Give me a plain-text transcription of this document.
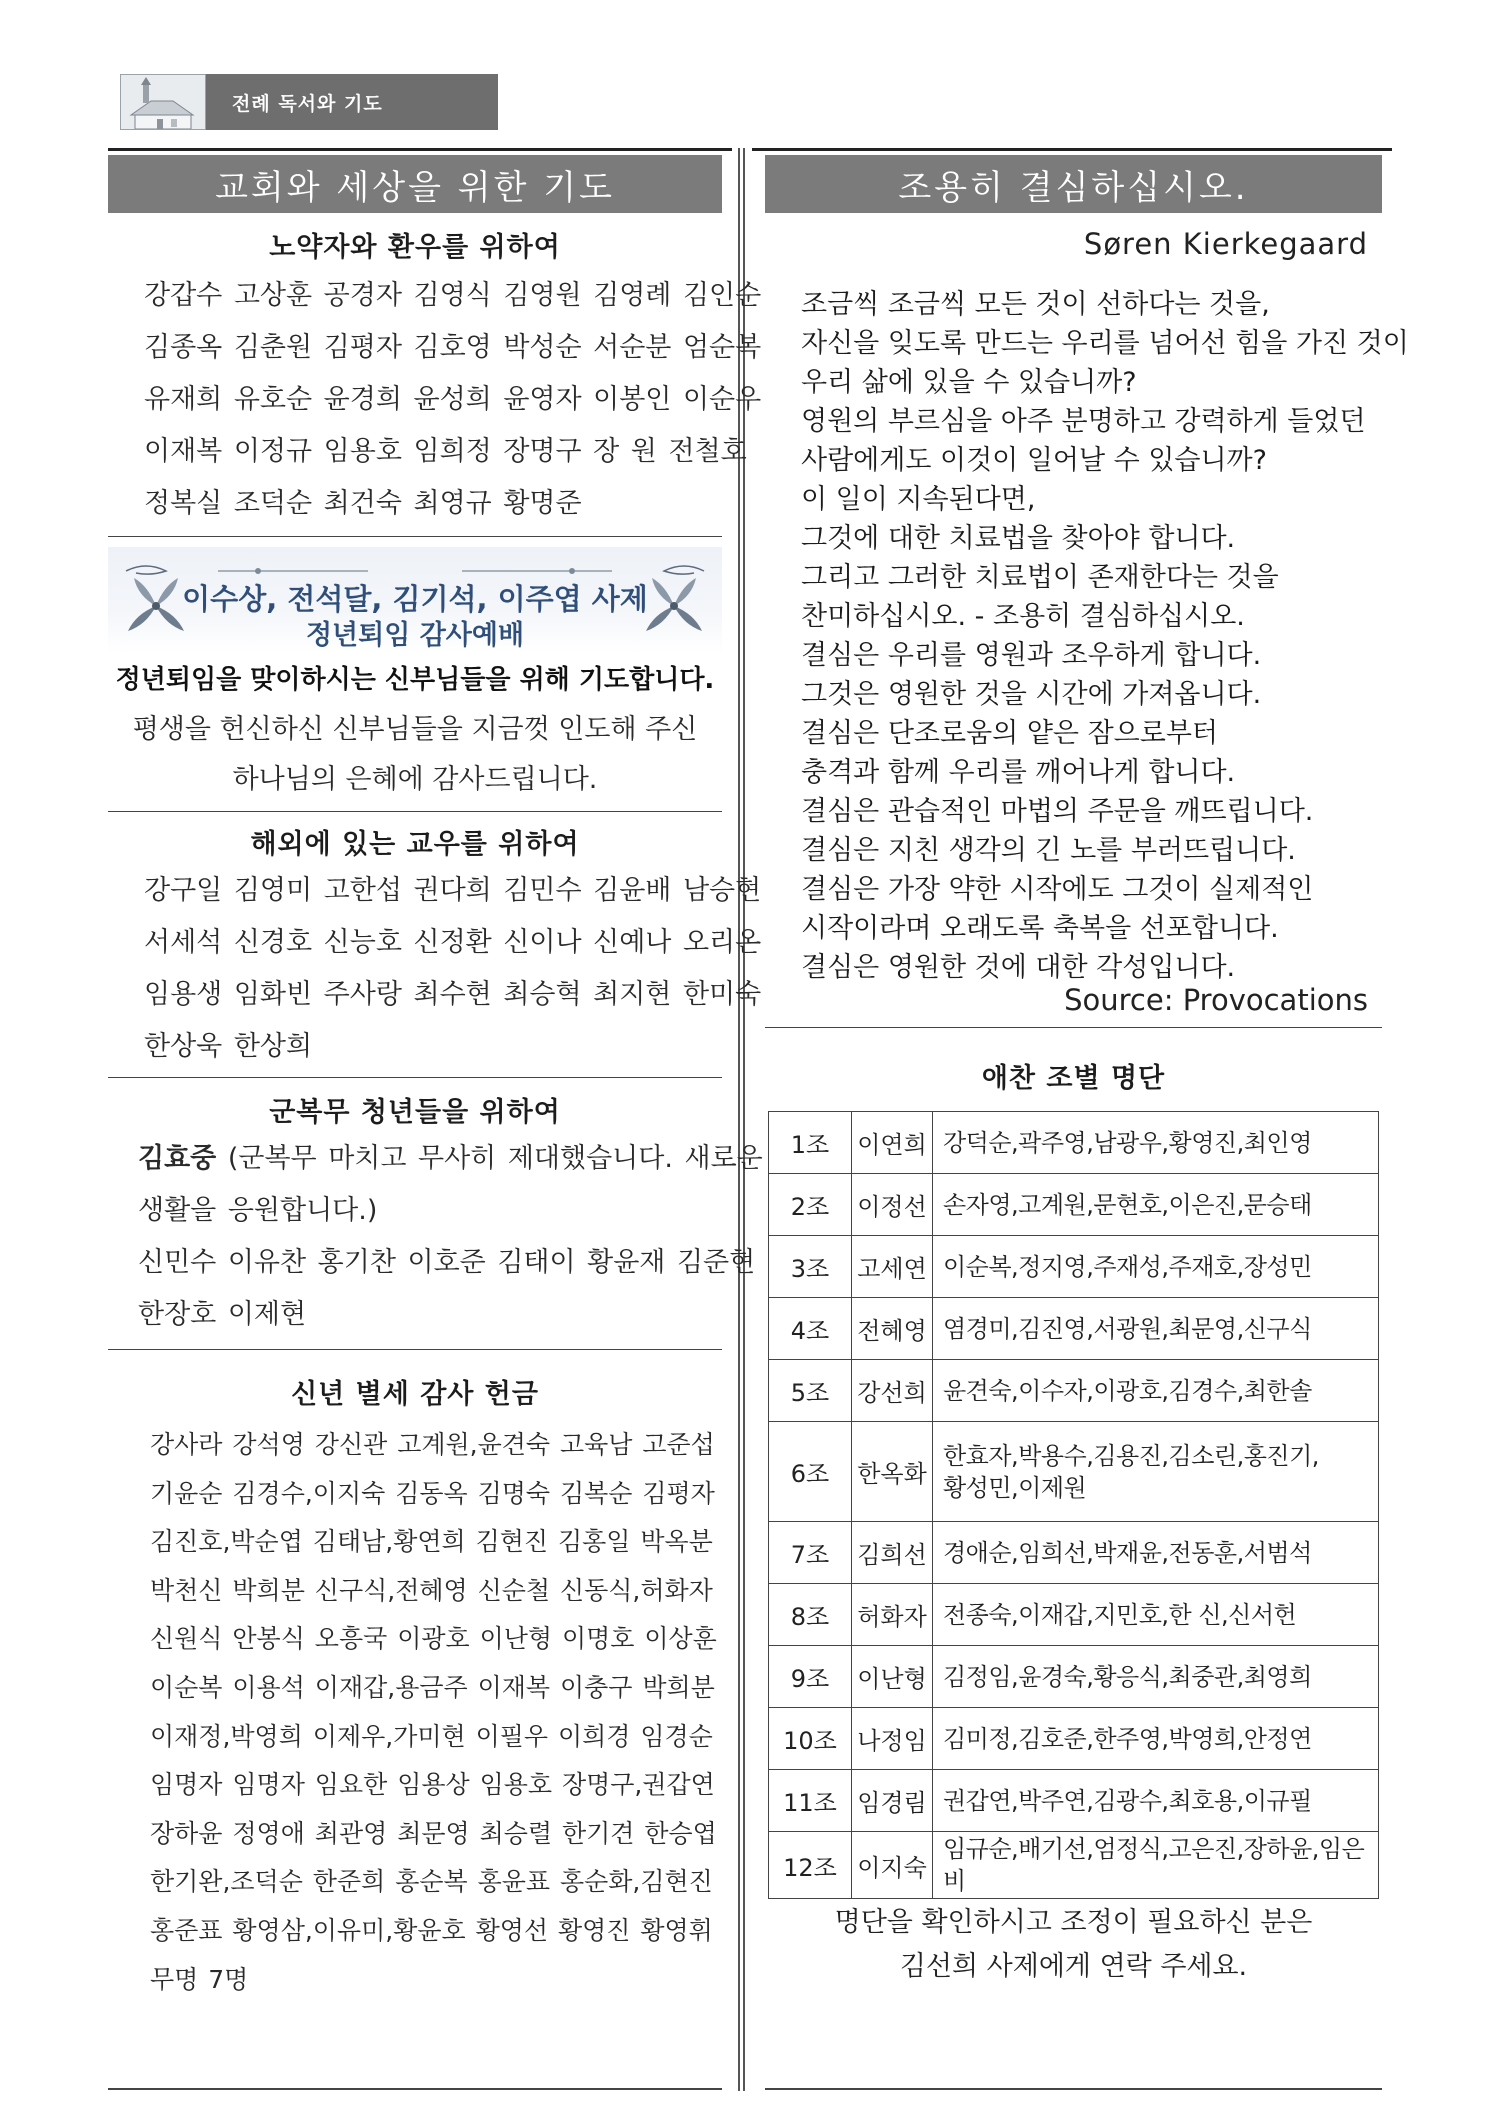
전례 독서와 기도
교회와 세상을 위한 기도
노약자와 환우를 위하여
강갑수 고상훈 공경자 김영식 김영원 김영례 김인순
김종옥 김춘원 김평자 김호영 박성순 서순분 엄순복
유재희 유호순 윤경희 윤성희 윤영자 이봉인 이순우
이재복 이정규 임용호 임희정 장명구 장 원 전철호
정복실 조덕순 최건숙 최영규 황명준
이수상, 전석달, 김기석, 이주엽 사제
정년퇴임 감사예배
정년퇴임을 맞이하시는 신부님들을 위해 기도합니다.
평생을 헌신하신 신부님들을 지금껏 인도해 주신
하나님의 은혜에 감사드립니다.
해외에 있는 교우를 위하여
강구일 김영미 고한섭 권다희 김민수 김윤배 남승현
서세석 신경호 신능호 신정환 신이나 신예나 오리온
임용생 임화빈 주사랑 최수현 최승혁 최지현 한미숙
한상욱 한상희
군복무 청년들을 위하여
김효중 (군복무 마치고 무사히 제대했습니다. 새로운
생활을 응원합니다.)
신민수 이유찬 홍기찬 이호준 김태이 황윤재 김준현
한장호 이제현
신년 별세 감사 헌금
강사라 강석영 강신관 고계원,윤견숙 고육남 고준섭
기윤순 김경수,이지숙 김동옥 김명숙 김복순 김평자
김진호,박순엽 김태남,황연희 김현진 김홍일 박옥분
박천신 박희분 신구식,전혜영 신순철 신동식,허화자
신원식 안봉식 오흥국 이광호 이난형 이명호 이상훈
이순복 이용석 이재갑,용금주 이재복 이충구 박희분
이재정,박영희 이제우,가미현 이필우 이희경 임경순
임명자 임명자 임요한 임용상 임용호 장명구,권갑연
장하윤 정영애 최관영 최문영 최승렬 한기견 한승엽
한기완,조덕순 한준희 홍순복 홍윤표 홍순화,김현진
홍준표 황영삼,이유미,황윤호 황영선 황영진 황영휘
무명 7명
조용히 결심하십시오.
Søren Kierkegaard
조금씩 조금씩 모든 것이 선하다는 것을,
자신을 잊도록 만드는 우리를 넘어선 힘을 가진 것이
우리 삶에 있을 수 있습니까?
영원의 부르심을 아주 분명하고 강력하게 들었던
사람에게도 이것이 일어날 수 있습니까?
이 일이 지속된다면,
그것에 대한 치료법을 찾아야 합니다.
그리고 그러한 치료법이 존재한다는 것을
찬미하십시오. - 조용히 결심하십시오.
결심은 우리를 영원과 조우하게 합니다.
그것은 영원한 것을 시간에 가져옵니다.
결심은 단조로움의 얕은 잠으로부터
충격과 함께 우리를 깨어나게 합니다.
결심은 관습적인 마법의 주문을 깨뜨립니다.
결심은 지친 생각의 긴 노를 부러뜨립니다.
결심은 가장 약한 시작에도 그것이 실제적인
시작이라며 오래도록 축복을 선포합니다.
결심은 영원한 것에 대한 각성입니다.
Source: Provocations
애찬 조별 명단
1조	이연희	강덕순,곽주영,남광우,황영진,최인영
2조	이정선	손자영,고계원,문현호,이은진,문승태
3조	고세연	이순복,정지영,주재성,주재호,장성민
4조	전혜영	염경미,김진영,서광원,최문영,신구식
5조	강선희	윤견숙,이수자,이광호,김경수,최한솔
6조	한옥화	한효자,박용수,김용진,김소린,홍진기,
황성민,이제원

7조	김희선	경애순,임희선,박재윤,전동훈,서범석
8조	허화자	전종숙,이재갑,지민호,한 신,신서헌
9조	이난형	김정임,윤경숙,황응식,최중관,최영희
10조	나정임	김미정,김호준,한주영,박영희,안정연
11조	임경림	권갑연,박주연,김광수,최호용,이규필
12조	이지숙	임규순,배기선,엄정식,고은진,장하윤,임은비
명단을 확인하시고 조정이 필요하신 분은
김선희 사제에게 연락 주세요.
